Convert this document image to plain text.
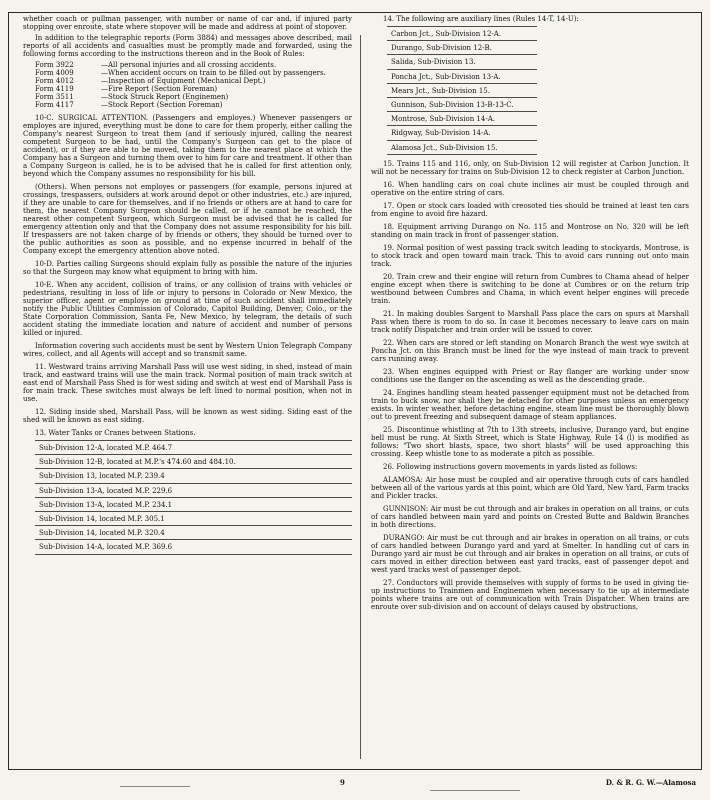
whether coach or pullman passenger, with number or name of car and, if injured party stopping over enroute, state where stopover will be made and address at point of stopover.

In addition to the telegraphic reports (Form 3884) and messages above described, mail reports of all accidents and casualties must be promptly made and forwarded, using the following forms according to the instructions thereon and in the Book of Rules:

Form 3922	—All personal injuries and all crossing accidents.
Form 4009	—When accident occurs on train to be filled out by passengers.
Form 4012	—Inspection of Equipment (Mechanical Dept.)
Form 4119	—Fire Report (Section Foreman)
Form 3511	—Stock Struck Report (Enginemen)
Form 4117	—Stock Report (Section Foreman)

10-C. SURGICAL ATTENTION. (Passengers and employes.) Whenever passengers or employes are injured, everything must be done to care for them properly, either calling the Company's nearest Surgeon to treat them (and if seriously injured, calling the nearest competent Surgeon to be had, until the Company's Surgeon can get to the place of accident), or if they are able to be moved, taking them to the nearest place at which the Company has a Surgeon and turning them over to him for care and treatment. If other than a Company Surgeon is called, he is to be advised that he is called for first attention only, beyond which the Company assumes no responsibility for his bill.

(Others). When persons not employes or passengers (for example, persons injured at crossings, trespassers, outsiders at work around depot or other industries, etc.) are injured, if they are unable to care for themselves, and if no friends or others are at hand to care for them, the nearest Company Surgeon should be called, or if he cannot be reached, the nearest other competent Surgeon, which Surgeon must be advised that he is called for emergency attention only and that the Company does not assume responsibility for his bill. If trespassers are not taken charge of by friends or others, they should be turned over to the public authorities as soon as possible, and no expense incurred in behalf of the Company except the emergency attention above noted.

10-D. Parties calling Surgeons should explain fully as possible the nature of the injuries so that the Surgeon may know what equipment to bring with him.

10-E. When any accident, collision of trains, or any collision of trains with vehicles or pedestrians, resulting in loss of life or injury to persons in Colorado or New Mexico, the superior officer, agent or employe on ground at time of such accident shall immediately notify the Public Utilities Commission of Colorado, Capitol Building, Denver, Colo., or the State Corporation Commission, Santa Fe, New Mexico, by telegram, the details of such accident stating the immediate location and nature of accident and number of persons killed or injured.

Information covering such accidents must be sent by Western Union Telegraph Company wires, collect, and all Agents will accept and so transmit same.

11. Westward trains arriving Marshall Pass will use west siding, in shed, instead of main track, and eastward trains will use the main track. Normal position of main track switch at east end of Marshall Pass Shed is for west siding and switch at west end of Marshall Pass is for main track. These switches must always be left lined to normal position, when not in use.

12. Siding inside shed, Marshall Pass, will be known as west siding. Siding east of the shed will be known as east siding.

13. Water Tanks or Cranes between Stations.

Sub-Division 12-A, located M.P. 464.7
Sub-Division 12-B, located at M.P.'s 474.60 and 484.10.
Sub-Division 13, located M.P. 239.4
Sub-Division 13-A, located M.P. 229.6
Sub-Division 13-A, located M.P. 234.1
Sub-Division 14, located M.P. 305.1
Sub-Division 14, located M.P. 320.4
Sub-Division 14-A, located M.P. 369.6

14. The following are auxiliary lines (Rules 14-T, 14-U):

Carbon Jct., Sub-Division 12-A.
Durango, Sub-Division 12-B.
Salida, Sub-Division 13.
Poncha Jct., Sub-Division 13-A.
Mears Jct., Sub-Division 15.
Gunnison, Sub-Division 13-B-13-C.
Montrose, Sub-Division 14-A.
Ridgway, Sub-Division 14-A.
Alamosa Jct., Sub-Division 15.

15. Trains 115 and 116, only, on Sub-Division 12 will register at Carbon Junction. It will not be necessary for trains on Sub-Division 12 to check register at Carbon Junction.

16. When handling cars on coal chute inclines air must be coupled through and operative on the entire string of cars.

17. Open or stock cars loaded with creosoted ties should be trained at least ten cars from engine to avoid fire hazard.

18. Equipment arriving Durango on No. 115 and Montrose on No. 320 will be left standing on main track in front of passenger station.

19. Normal position of west passing track switch leading to stockyards, Montrose, is to stock track and open toward main track. This to avoid cars running out onto main track.

20. Train crew and their engine will return from Cumbres to Chama ahead of helper engine except when there is switching to be done at Cumbres or on the return trip westbound between Cumbres and Chama, in which event helper engines will precede train.

21. In making doubles Sargent to Marshall Pass place the cars on spurs at Marshall Pass when there is room to do so. In case it becomes necessary to leave cars on main track notify Dispatcher and train order will be issued to cover.

22. When cars are stored or left standing on Monarch Branch the west wye switch at Poncha Jct. on this Branch must be lined for the wye instead of main track to prevent cars running away.

23. When engines equipped with Priest or Ray flanger are working under snow conditions use the flanger on the ascending as well as the descending grade.

24. Engines handling steam heated passenger equipment must not be detached from train to buck snow, nor shall they be detached for other purposes unless an emergency exists. In winter weather, before detaching engine, steam line must be thoroughly blown out to prevent freezing and subsequent damage of steam appliances.

25. Discontinue whistling at 7th to 13th streets, inclusive, Durango yard, but engine bell must be rung. At Sixth Street, which is State Highway, Rule 14 (l) is modified as follows: "Two short blasts, space, two short blasts" will be used approaching this crossing. Keep whistle tone to as moderate a pitch as possible.

26. Following instructions govern movements in yards listed as follows:

ALAMOSA: Air hose must be coupled and air operative through cuts of cars handled between all of the various yards at this point, which are Old Yard, New Yard, Farm tracks and Pickler tracks.

GUNNISON: Air must be cut through and air brakes in operation on all trains, or cuts of cars handled between main yard and points on Crested Butte and Baldwin Branches in both directions.

DURANGO: Air must be cut through and air brakes in operation on all trains, or cuts of cars handled between Durango yard and yard at Smelter. In handling cut of cars in Durango yard air must be cut through and air brakes in operation on all trains, or cuts of cars moved in either direction between east yard tracks, east of passenger depot and west yard tracks west of passenger depot.

27. Conductors will provide themselves with supply of forms to be used in giving tie-up instructions to Trainmen and Enginemen when necessary to tie up at intermediate points where trains are out of communication with Train Dispatcher. When trains are enroute over sub-division and on account of delays caused by obstructions,

9	D. & R. G. W.—Alamosa
